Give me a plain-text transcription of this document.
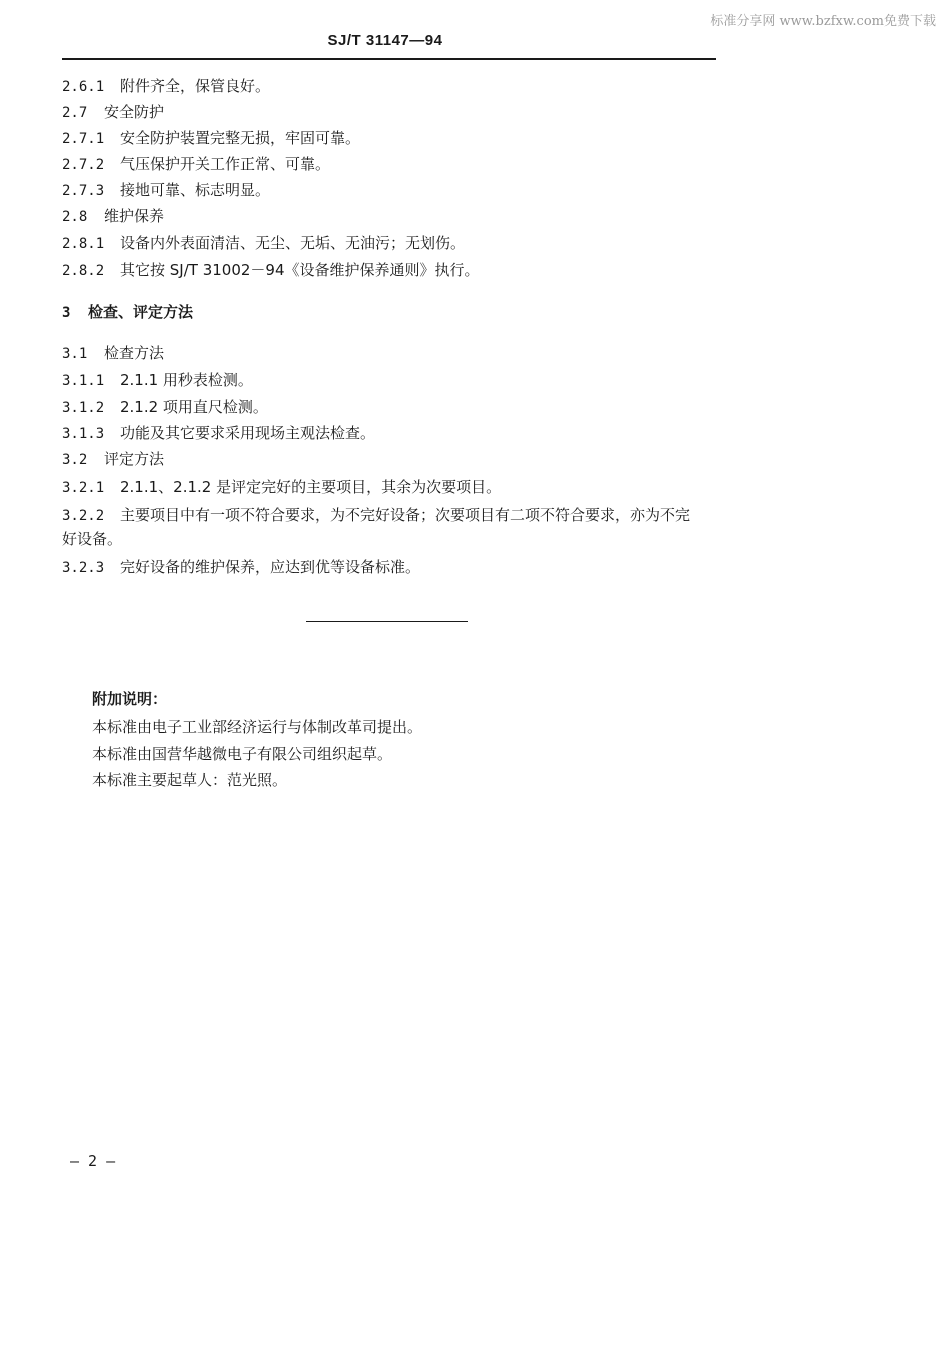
标准分享网 www.bzfxw.com免费下载
SJ/T 31147—94
2.6.1 附件齐全，保管良好。
2.7 安全防护
2.7.1 安全防护装置完整无损，牢固可靠。
2.7.2 气压保护开关工作正常、可靠。
2.7.3 接地可靠、标志明显。
2.8 维护保养
2.8.1 设备内外表面清洁、无尘、无垢、无油污；无划伤。
2.8.2 其它按 SJ/T 31002－94《设备维护保养通则》执行。
3 检查、评定方法
3.1 检查方法
3.1.1 2.1.1 用秒表检测。
3.1.2 2.1.2 项用直尺检测。
3.1.3 功能及其它要求采用现场主观法检查。
3.2 评定方法
3.2.1 2.1.1、2.1.2 是评定完好的主要项目，其余为次要项目。
3.2.2 主要项目中有一项不符合要求，为不完好设备；次要项目有二项不符合要求，亦为不完
好设备。
3.2.3 完好设备的维护保养，应达到优等设备标准。
附加说明：
本标准由电子工业部经济运行与体制改革司提出。
本标准由国营华越微电子有限公司组织起草。
本标准主要起草人：范光照。
— 2 —
